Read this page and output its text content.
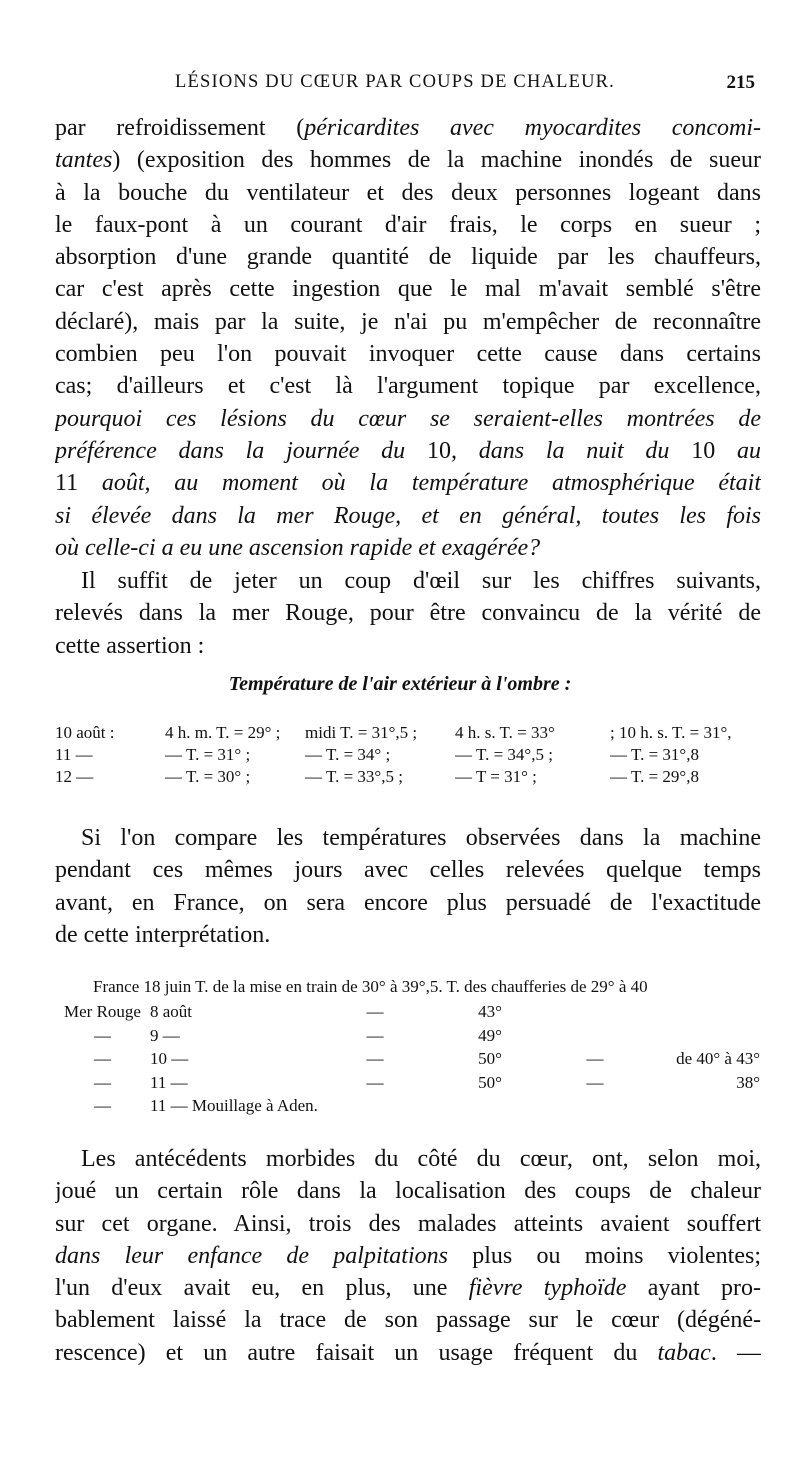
LÉSIONS DU CŒUR PAR COUPS DE CHALEUR.	215
par refroidissement (péricardites avec myocardites concomi-
tantes) (exposition des hommes de la machine inondés de sueur
à la bouche du ventilateur et des deux personnes logeant dans
le faux-pont à un courant d'air frais, le corps en sueur ;
absorption d'une grande quantité de liquide par les chauffeurs,
car c'est après cette ingestion que le mal m'avait semblé s'être
déclaré), mais par la suite, je n'ai pu m'empêcher de reconnaître
combien peu l'on pouvait invoquer cette cause dans certains
cas; d'ailleurs et c'est là l'argument topique par excellence,
pourquoi ces lésions du cœur se seraient-elles montrées de
préférence dans la journée du 10, dans la nuit du 10 au
11 août, au moment où la température atmosphérique était
si élevée dans la mer Rouge, et en général, toutes les fois
où celle-ci a eu une ascension rapide et exagérée?
Il suffit de jeter un coup d'œil sur les chiffres suivants,
relevés dans la mer Rouge, pour être convaincu de la vérité de
cette assertion :
Température de l'air extérieur à l'ombre :
10 août :	4 h. m. T. = 29° ;	midi T. = 31°,5 ;	4 h. s. T. = 33°	; 10 h. s. T. = 31°,
11 —	— T. = 31° ;	— T. = 34° ;	— T. = 34°,5 ;	— T. = 31°,8
12 —	— T. = 30° ;	— T. = 33°,5 ;	— T = 31° ;	— T. = 29°,8
Si l'on compare les températures observées dans la machine
pendant ces mêmes jours avec celles relevées quelque temps
avant, en France, on sera encore plus persuadé de l'exactitude
de cette interprétation.
France 18 juin T. de la mise en train de 30° à 39°,5. T. des chaufferies de 29° à 40
Mer Rouge 8 août	—	43°
—	9 —	—	49°
—	10 —	—	50°	—	de 40° à 43°
—	11 —	—	50°	—	38°
—	11 — Mouillage à Aden.
Les antécédents morbides du côté du cœur, ont, selon moi,
joué un certain rôle dans la localisation des coups de chaleur
sur cet organe. Ainsi, trois des malades atteints avaient souffert
dans leur enfance de palpitations plus ou moins violentes;
l'un d'eux avait eu, en plus, une fièvre typhoïde ayant pro-
bablement laissé la trace de son passage sur le cœur (dégéné-
rescence) et un autre faisait un usage fréquent du tabac. —
